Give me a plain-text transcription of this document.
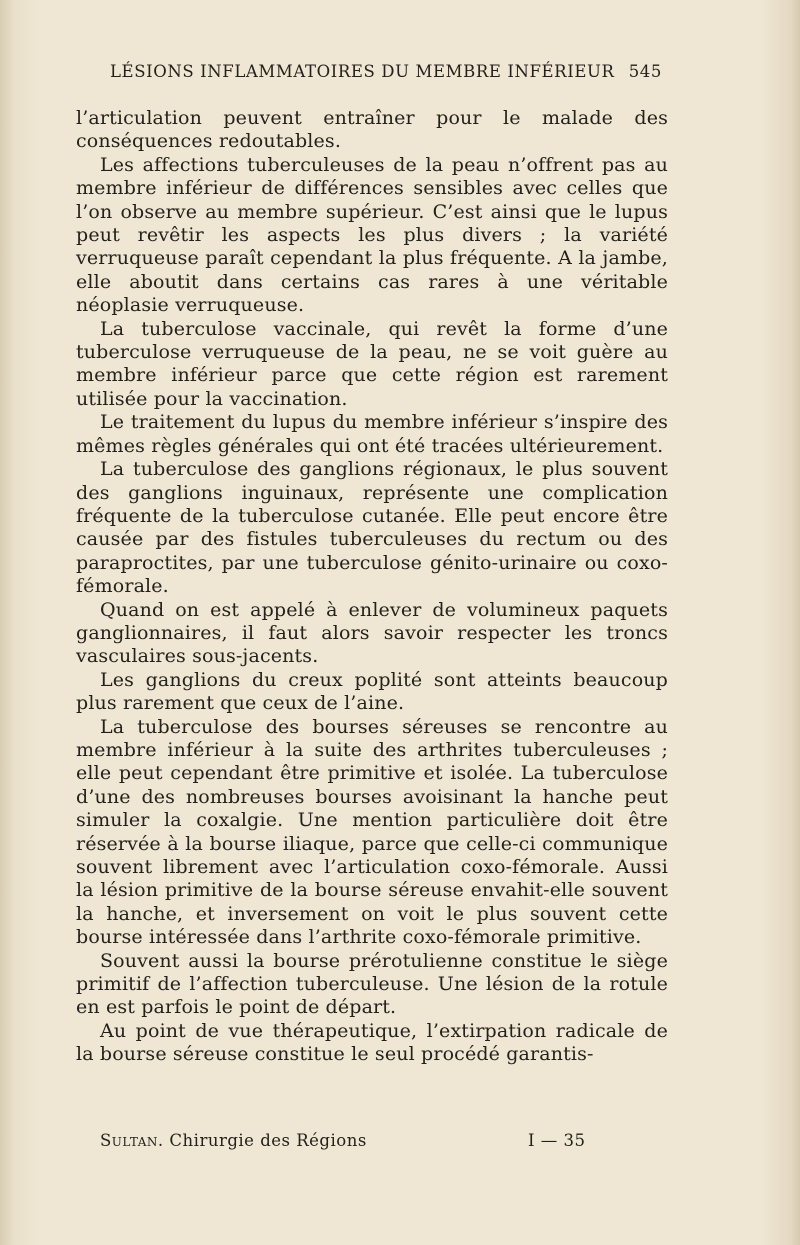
LÉSIONS INFLAMMATOIRES DU MEMBRE INFÉRIEUR 545

l’articulation peuvent entraîner pour le malade des conséquences redoutables.

Les affections tuberculeuses de la peau n’offrent pas au membre inférieur de différences sensibles avec celles que l’on observe au membre supérieur. C’est ainsi que le lupus peut revêtir les aspects les plus divers ; la variété verruqueuse paraît cependant la plus fréquente. A la jambe, elle aboutit dans certains cas rares à une véritable néoplasie verruqueuse.

La tuberculose vaccinale, qui revêt la forme d’une tuberculose verruqueuse de la peau, ne se voit guère au membre inférieur parce que cette région est rarement utilisée pour la vaccination.

Le traitement du lupus du membre inférieur s’inspire des mêmes règles générales qui ont été tracées ultérieurement.

La tuberculose des ganglions régionaux, le plus souvent des ganglions inguinaux, représente une complication fréquente de la tuberculose cutanée. Elle peut encore être causée par des fistules tuberculeuses du rectum ou des paraproctites, par une tuberculose génito-urinaire ou coxo-fémorale.

Quand on est appelé à enlever de volumineux paquets ganglionnaires, il faut alors savoir respecter les troncs vasculaires sous-jacents.

Les ganglions du creux poplité sont atteints beaucoup plus rarement que ceux de l’aine.

La tuberculose des bourses séreuses se rencontre au membre inférieur à la suite des arthrites tuberculeuses ; elle peut cependant être primitive et isolée. La tuberculose d’une des nombreuses bourses avoisinant la hanche peut simuler la coxalgie. Une mention particulière doit être réservée à la bourse iliaque, parce que celle-ci communique souvent librement avec l’articulation coxo-fémorale. Aussi la lésion primitive de la bourse séreuse envahit-elle souvent la hanche, et inversement on voit le plus souvent cette bourse intéressée dans l’arthrite coxo-fémorale primitive.

Souvent aussi la bourse prérotulienne constitue le siège primitif de l’affection tuberculeuse. Une lésion de la rotule en est parfois le point de départ.

Au point de vue thérapeutique, l’extirpation radicale de la bourse séreuse constitue le seul procédé garantis-

Sultan. Chirurgie des Régions	I — 35
